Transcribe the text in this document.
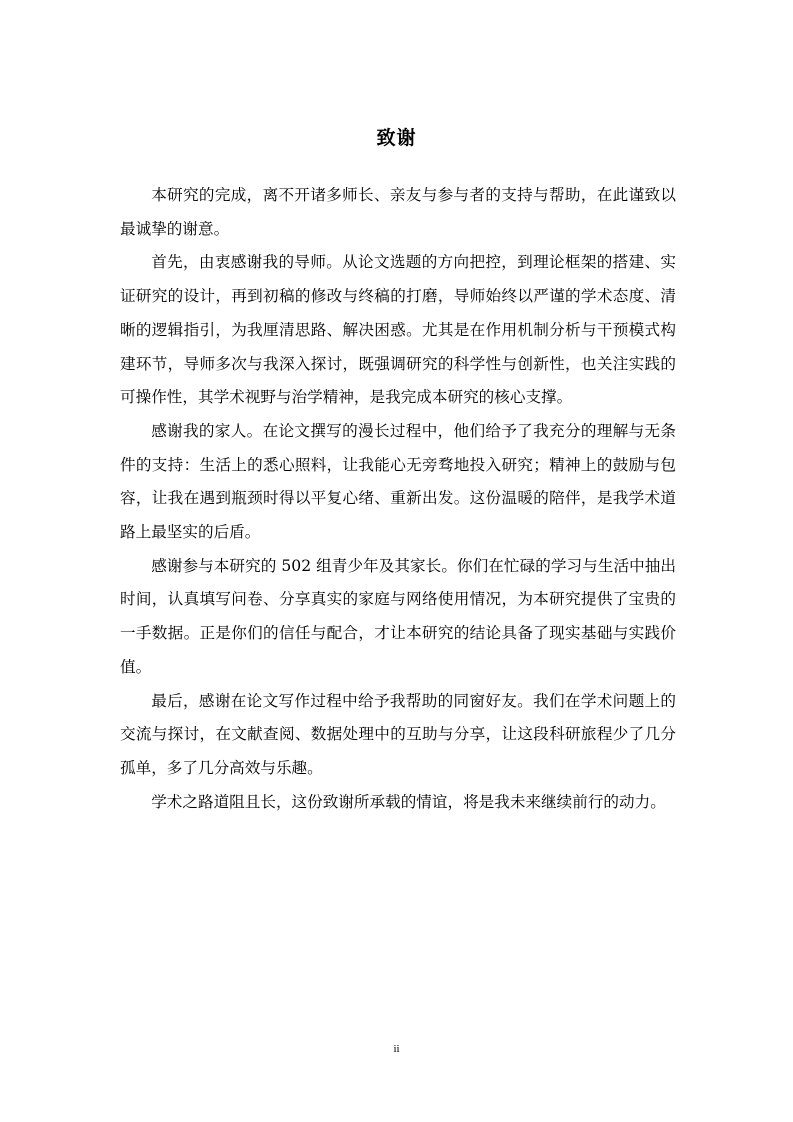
致谢

本研究的完成，离不开诸多师长、亲友与参与者的支持与帮助，在此谨致以最诚挚的谢意。

首先，由衷感谢我的导师。从论文选题的方向把控，到理论框架的搭建、实证研究的设计，再到初稿的修改与终稿的打磨，导师始终以严谨的学术态度、清晰的逻辑指引，为我厘清思路、解决困惑。尤其是在作用机制分析与干预模式构建环节，导师多次与我深入探讨，既强调研究的科学性与创新性，也关注实践的可操作性，其学术视野与治学精神，是我完成本研究的核心支撑。

感谢我的家人。在论文撰写的漫长过程中，他们给予了我充分的理解与无条件的支持：生活上的悉心照料，让我能心无旁骛地投入研究；精神上的鼓励与包容，让我在遇到瓶颈时得以平复心绪、重新出发。这份温暖的陪伴，是我学术道路上最坚实的后盾。

感谢参与本研究的 502 组青少年及其家长。你们在忙碌的学习与生活中抽出时间，认真填写问卷、分享真实的家庭与网络使用情况，为本研究提供了宝贵的一手数据。正是你们的信任与配合，才让本研究的结论具备了现实基础与实践价值。

最后，感谢在论文写作过程中给予我帮助的同窗好友。我们在学术问题上的交流与探讨，在文献查阅、数据处理中的互助与分享，让这段科研旅程少了几分孤单，多了几分高效与乐趣。

学术之路道阻且长，这份致谢所承载的情谊，将是我未来继续前行的动力。

ii
